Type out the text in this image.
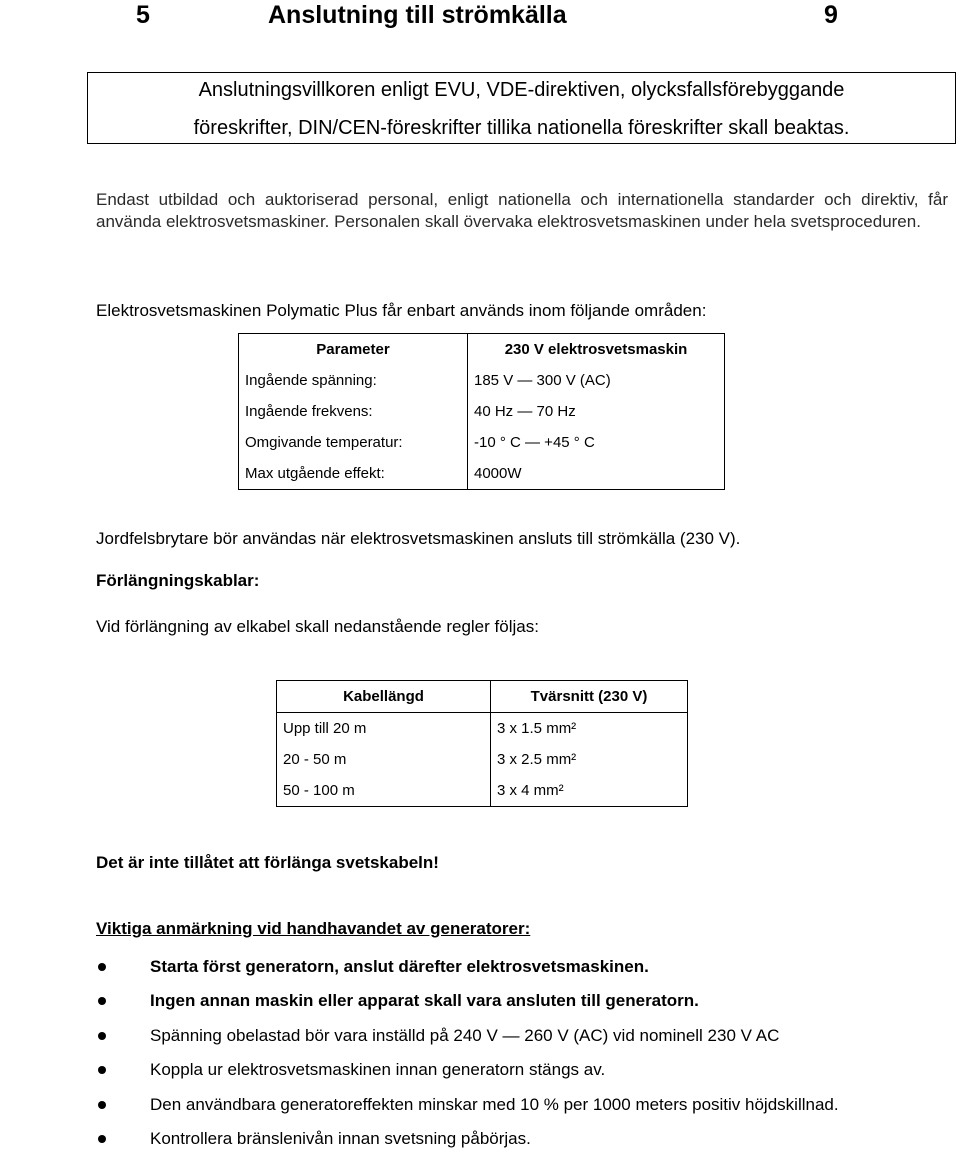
5	Anslutning till strömkälla	9

Anslutningsvillkoren enligt EVU, VDE-direktiven, olycksfallsförebyggande

föreskrifter, DIN/CEN-föreskrifter tillika nationella föreskrifter skall beaktas.

Endast utbildad och auktoriserad personal, enligt nationella och internationella standarder och direktiv, får använda elektrosvetsmaskiner. Personalen skall övervaka elektrosvetsmaskinen under hela svetsproceduren.

Elektrosvetsmaskinen Polymatic Plus får enbart används inom följande områden:

Parameter	230 V elektrosvetsmaskin
Ingående spänning:	185 V — 300 V (AC)
Ingående frekvens:	40 Hz — 70 Hz
Omgivande temperatur:	-10 ° C — +45 ° C
Max utgående effekt:	4000W

Jordfelsbrytare bör användas när elektrosvetsmaskinen ansluts till strömkälla (230 V).

Förlängningskablar:

Vid förlängning av elkabel skall nedanstående regler följas:

Kabellängd	Tvärsnitt (230 V)
Upp till 20 m	3 x 1.5 mm²
20 - 50 m	3 x 2.5 mm²
50 - 100 m	3 x 4 mm²

Det är inte tillåtet att förlänga svetskabeln!

Viktiga anmärkning vid handhavandet av generatorer:

Starta först generatorn, anslut därefter elektrosvetsmaskinen.
Ingen annan maskin eller apparat skall vara ansluten till generatorn.
Spänning obelastad bör vara inställd på 240 V — 260 V (AC) vid nominell 230 V AC
Koppla ur elektrosvetsmaskinen innan generatorn stängs av.
Den användbara generatoreffekten minskar med 10 % per 1000 meters positiv höjdskillnad.
Kontrollera bränslenivån innan svetsning påbörjas.
